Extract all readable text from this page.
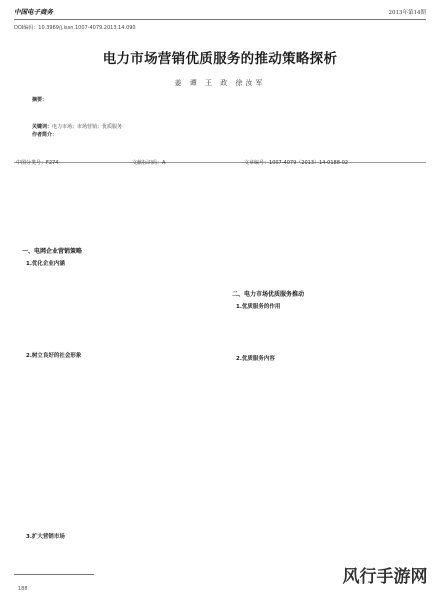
中国电子商务	2013年第14期
DOI编码：10.3969/j.issn.1007-4079.2013.14.090
电力市场营销优质服务的推动策略探析
姜 谭 王 政 徐汝军
摘要：
关键词：电力市场；市场营销；优质服务
作者简介：
中图分类号：F274	文献标识码：A	文章编号：1007-4079（2013）14-0188-02
一、电网企业营销策略
1.优化企业内涵
2.树立良好的社会形象
3.扩大营销市场
二、电力市场优质服务推动
1.优质服务的作用
2.优质服务内容
188
风行手游网
